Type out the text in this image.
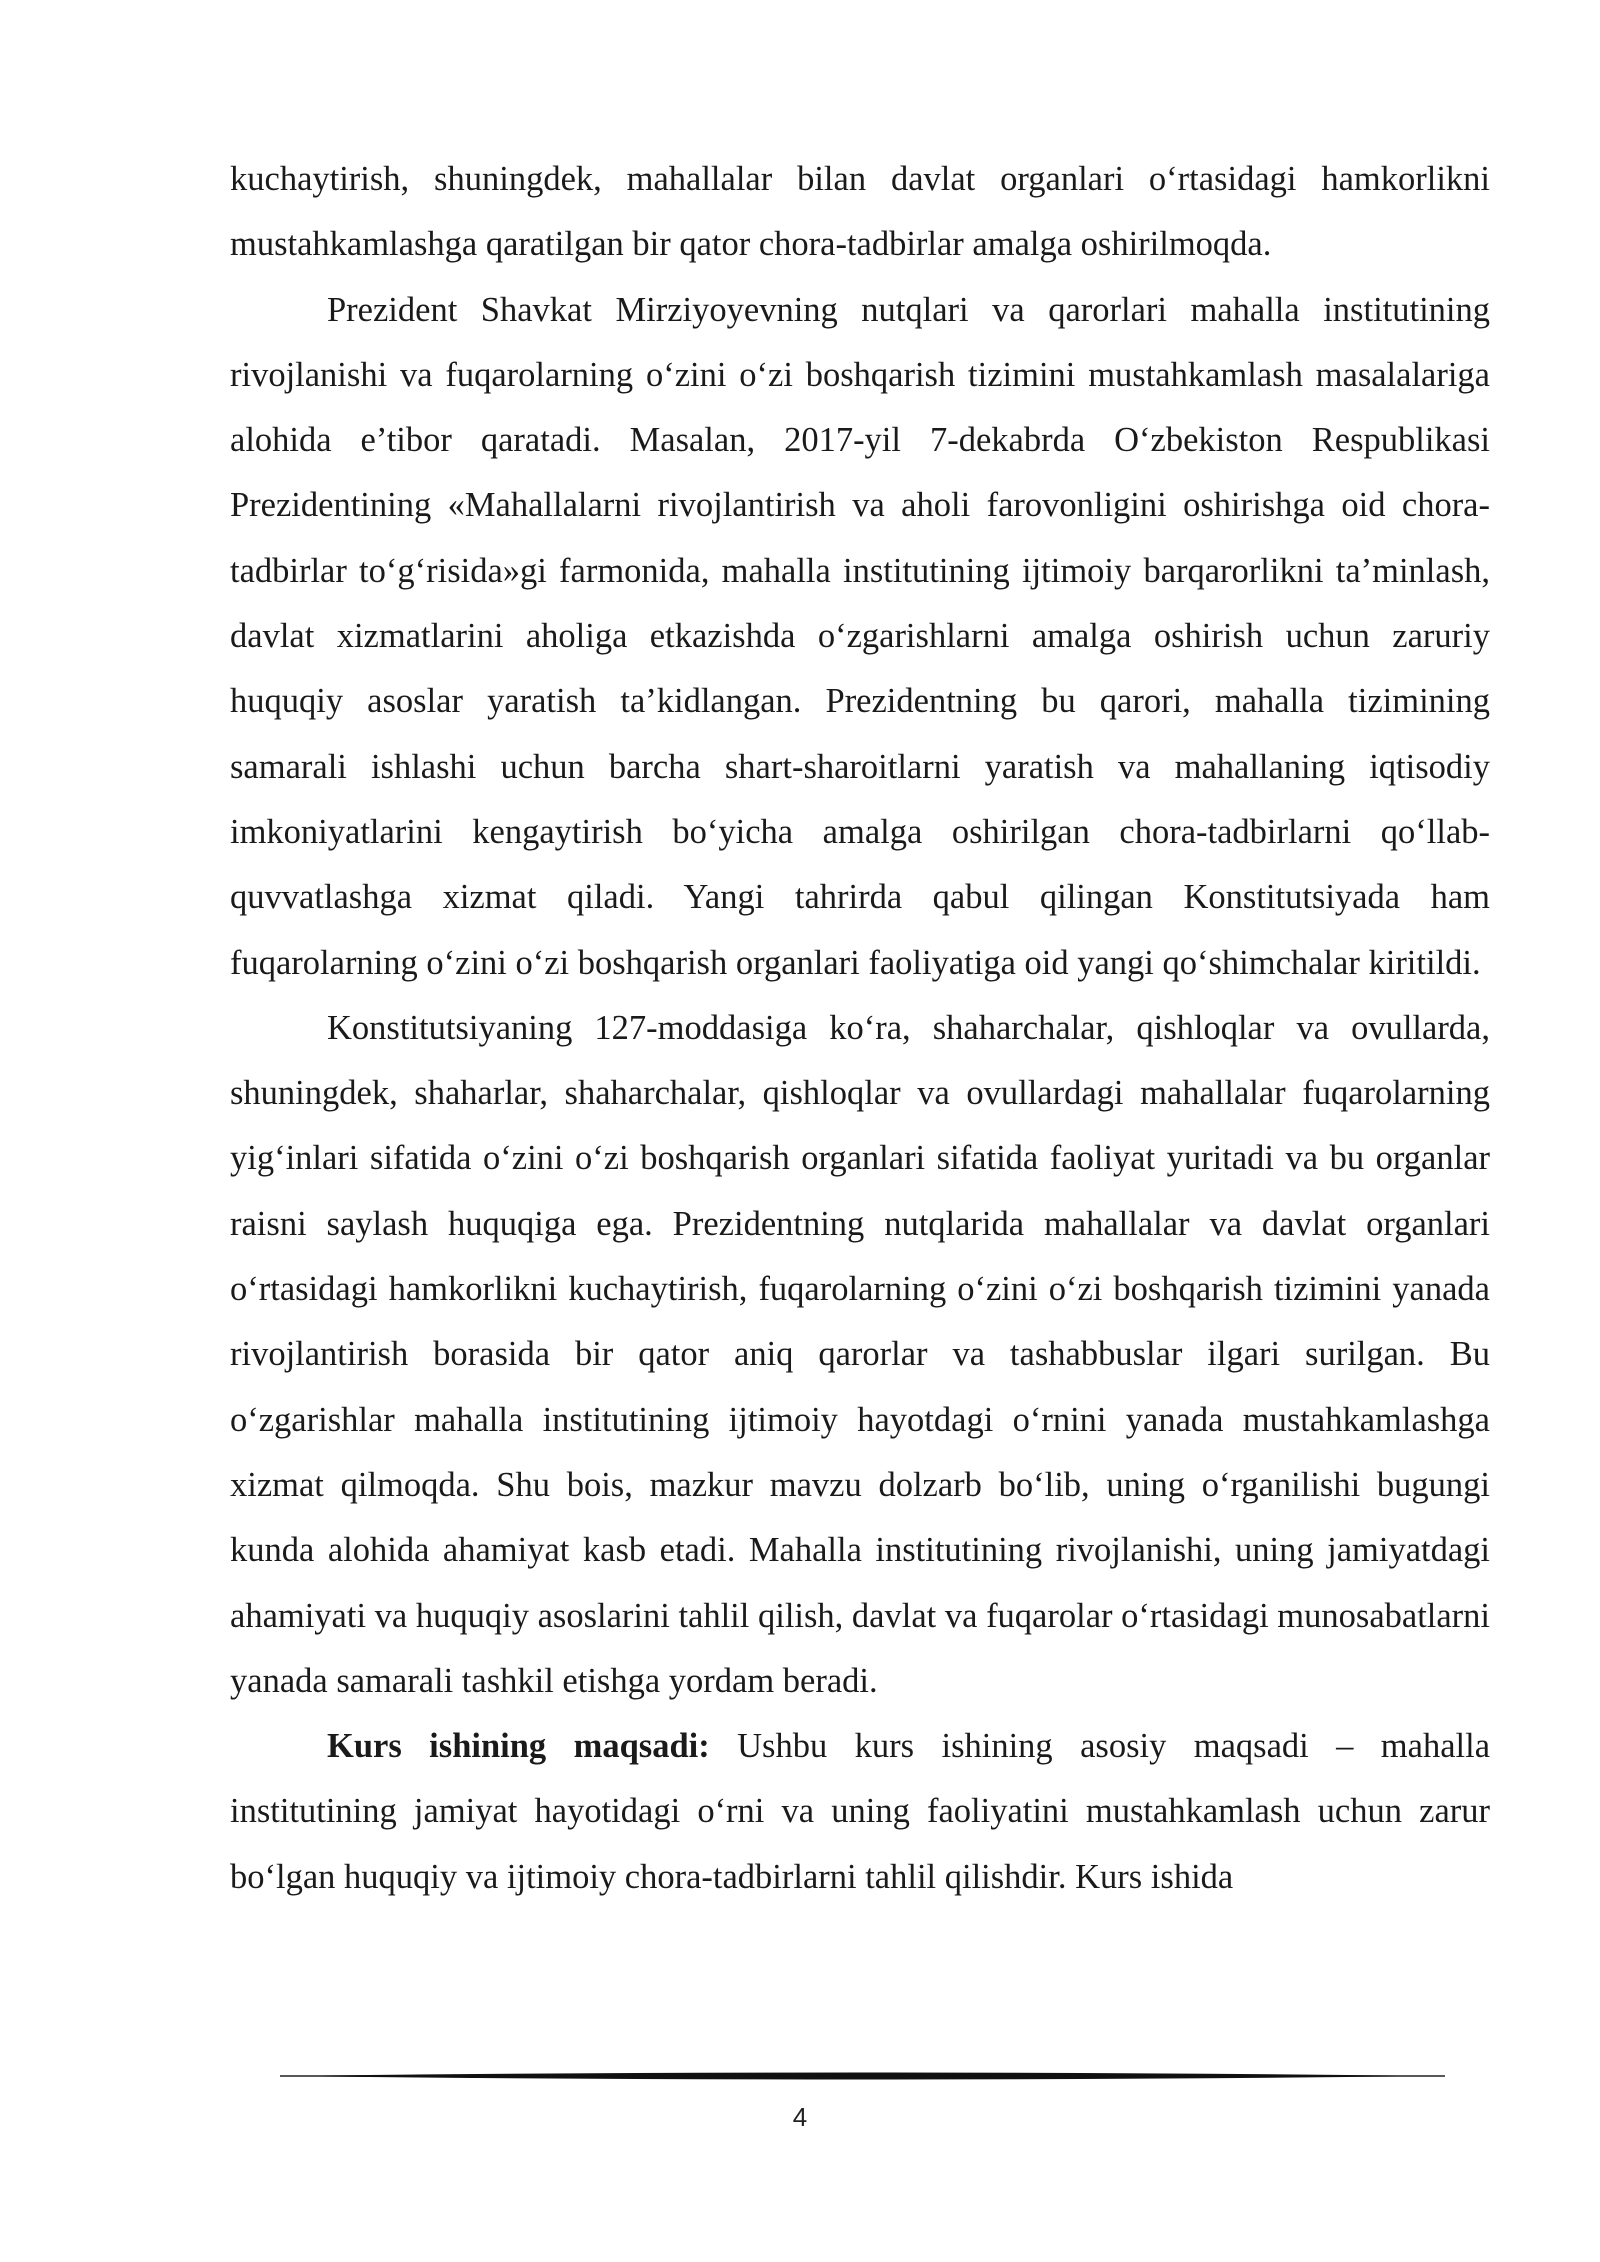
kuchaytirish, shuningdek, mahallalar bilan davlat organlari o‘rtasidagi hamkorlikni mustahkamlashga qaratilgan bir qator chora-tadbirlar amalga oshirilmoqda.

Prezident Shavkat Mirziyoyevning nutqlari va qarorlari mahalla institutining rivojlanishi va fuqarolarning o‘zini o‘zi boshqarish tizimini mustahkamlash masalalariga alohida e’tibor qaratadi. Masalan, 2017-yil 7-dekabrda O‘zbekiston Respublikasi Prezidentining «Mahallalarni rivojlantirish va aholi farovonligini oshirishga oid chora-tadbirlar to‘g‘risida»gi farmonida, mahalla institutining ijtimoiy barqarorlikni ta’minlash, davlat xizmatlarini aholiga etkazishda o‘zgarishlarni amalga oshirish uchun zaruriy huquqiy asoslar yaratish ta’kidlangan. Prezidentning bu qarori, mahalla tizimining samarali ishlashi uchun barcha shart-sharoitlarni yaratish va mahallaning iqtisodiy imkoniyatlarini kengaytirish bo‘yicha amalga oshirilgan chora-tadbirlarni qo‘llab-quvvatlashga xizmat qiladi. Yangi tahrirda qabul qilingan Konstitutsiyada ham fuqarolarning o‘zini o‘zi boshqarish organlari faoliyatiga oid yangi qo‘shimchalar kiritildi.

Konstitutsiyaning 127-moddasiga ko‘ra, shaharchalar, qishloqlar va ovullarda, shuningdek, shaharlar, shaharchalar, qishloqlar va ovullardagi mahallalar fuqarolarning yig‘inlari sifatida o‘zini o‘zi boshqarish organlari sifatida faoliyat yuritadi va bu organlar raisni saylash huquqiga ega. Prezidentning nutqlarida mahallalar va davlat organlari o‘rtasidagi hamkorlikni kuchaytirish, fuqarolarning o‘zini o‘zi boshqarish tizimini yanada rivojlantirish borasida bir qator aniq qarorlar va tashabbuslar ilgari surilgan. Bu o‘zgarishlar mahalla institutining ijtimoiy hayotdagi o‘rnini yanada mustahkamlashga xizmat qilmoqda. Shu bois, mazkur mavzu dolzarb bo‘lib, uning o‘rganilishi bugungi kunda alohida ahamiyat kasb etadi. Mahalla institutining rivojlanishi, uning jamiyatdagi ahamiyati va huquqiy asoslarini tahlil qilish, davlat va fuqarolar o‘rtasidagi munosabatlarni yanada samarali tashkil etishga yordam beradi.

Kurs ishining maqsadi: Ushbu kurs ishining asosiy maqsadi – mahalla institutining jamiyat hayotidagi o‘rni va uning faoliyatini mustahkamlash uchun zarur bo‘lgan huquqiy va ijtimoiy chora-tadbirlarni tahlil qilishdir. Kurs ishida

4
